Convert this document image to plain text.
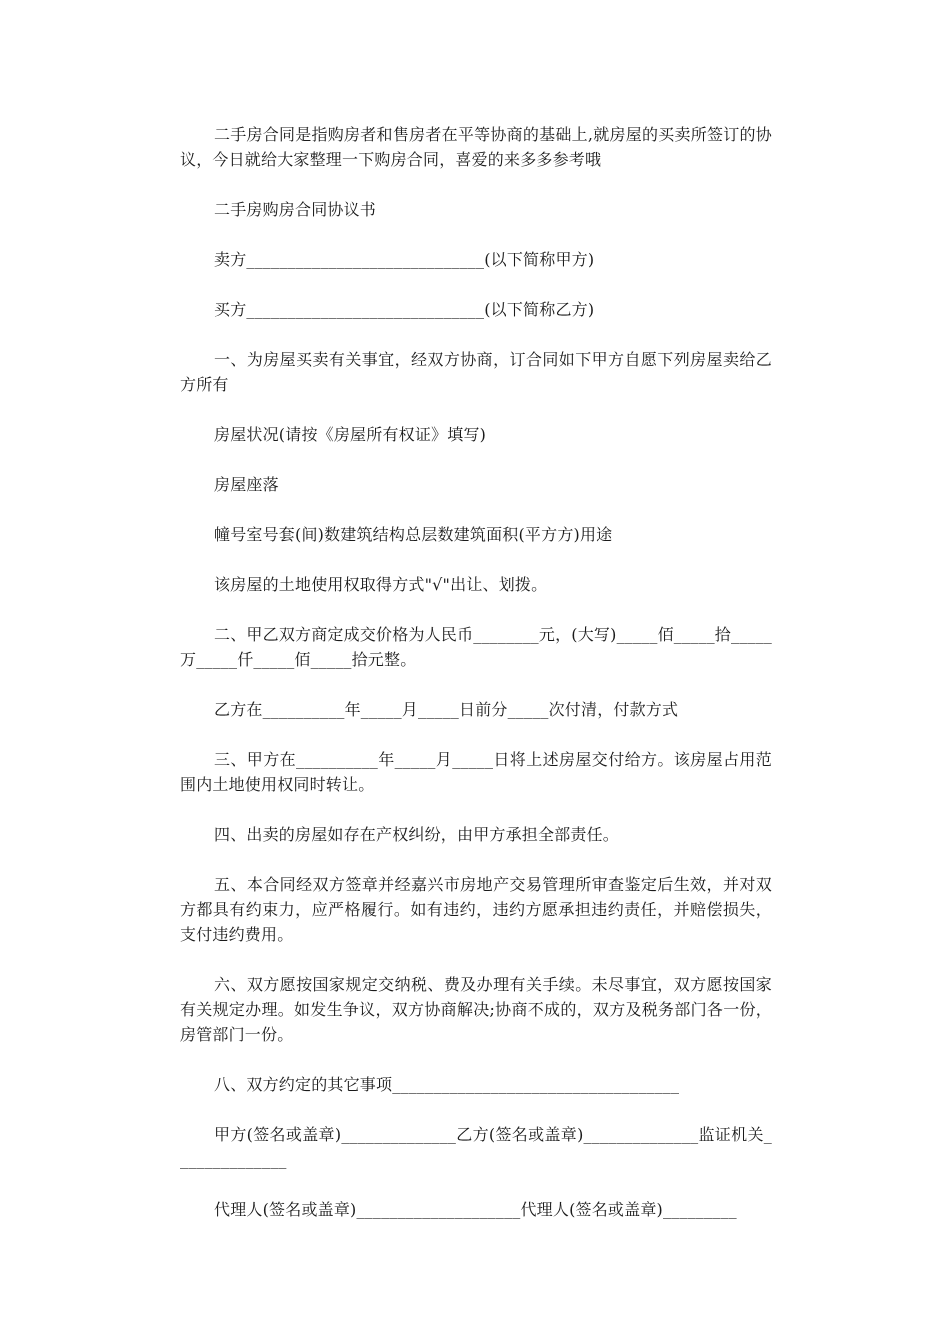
二手房合同是指购房者和售房者在平等协商的基础上,就房屋的买卖所签订的协议，今日就给大家整理一下购房合同，喜爱的来多多参考哦

二手房购房合同协议书

卖方_____________________________(以下简称甲方)

买方_____________________________(以下简称乙方)

一、为房屋买卖有关事宜，经双方协商，订合同如下甲方自愿下列房屋卖给乙方所有

房屋状况(请按《房屋所有权证》填写)

房屋座落

幢号室号套(间)数建筑结构总层数建筑面积(平方方)用途

该房屋的土地使用权取得方式"√"出让、划拨。

二、甲乙双方商定成交价格为人民币________元，(大写)_____佰_____拾_____万_____仟_____佰_____拾元整。

乙方在__________年_____月_____日前分_____次付清，付款方式

三、甲方在__________年_____月_____日将上述房屋交付给方。该房屋占用范围内土地使用权同时转让。

四、出卖的房屋如存在产权纠纷，由甲方承担全部责任。

五、本合同经双方签章并经嘉兴市房地产交易管理所审查鉴定后生效，并对双方都具有约束力，应严格履行。如有违约，违约方愿承担违约责任，并赔偿损失，支付违约费用。

六、双方愿按国家规定交纳税、费及办理有关手续。未尽事宜，双方愿按国家有关规定办理。如发生争议，双方协商解决;协商不成的，双方及税务部门各一份，房管部门一份。

八、双方约定的其它事项___________________________________

甲方(签名或盖章)______________乙方(签名或盖章)______________监证机关______________

代理人(签名或盖章)____________________代理人(签名或盖章)_________
